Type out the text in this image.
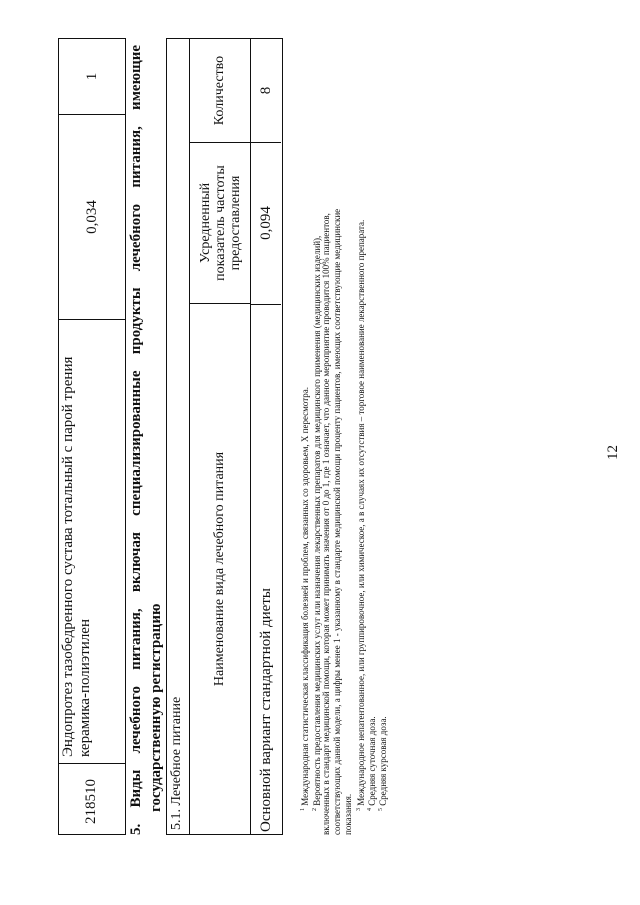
12
218510
Эндопротез тазобедренного сустава тотальный с парой трения керамика-полиэтилен
0,034
1	5. Виды лечебного питания, включая специализированные продукты лечебного питания, имеющие государственную регистрацию 5.1. Лечебное питание
Наименование вида лечебного питания
Усредненный показатель частоты предоставления
Количество
Основной вариант стандартной диеты
0,094
8
$^1$ Международная статистическая классификация болезней и проблем, связанных со здоровьем, X пересмотра.
$^2$ Вероятность предоставления медицинских услуг или назначения лекарственных препаратов для медицинского применения (медицинских изделий), включенных в стандарт медицинской помощи, которая может принимать значения от 0 до 1, где 1 означает, что данное мероприятие проводится 100% пациентов, соответствующих данной модели, а цифры менее 1 - указанному в стандарте медицинской помощи проценту пациентов, имеющих соответствующие медицинские показания. $^3$ Международное непатентованное, или группировочное, или химическое, а в случаях их отсутствия – торговое наименование лекарственного препарата.
$^4$ Средняя суточная доза.
$^5$ Средняя курсовая доза.
